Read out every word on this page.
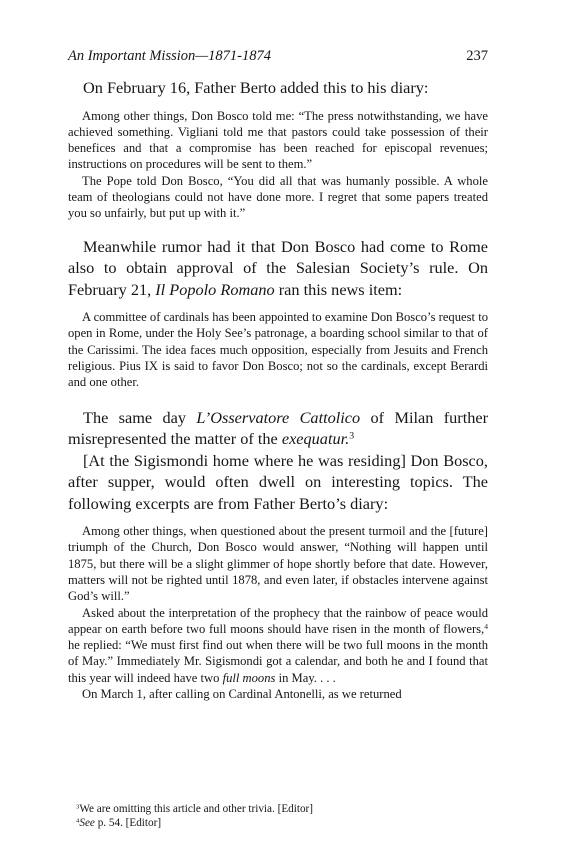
An Important Mission—1871-1874	237

On February 16, Father Berto added this to his diary:

Among other things, Don Bosco told me: “The press notwithstanding, we have achieved something. Vigliani told me that pastors could take possession of their benefices and that a compromise has been reached for episcopal revenues; instructions on procedures will be sent to them.”

The Pope told Don Bosco, “You did all that was humanly possible. A whole team of theologians could not have done more. I regret that some papers treated you so unfairly, but put up with it.”

Meanwhile rumor had it that Don Bosco had come to Rome also to obtain approval of the Salesian Society’s rule. On February 21, Il Popolo Romano ran this news item:

A committee of cardinals has been appointed to examine Don Bosco’s request to open in Rome, under the Holy See’s patronage, a boarding school similar to that of the Carissimi. The idea faces much opposition, especially from Jesuits and French religious. Pius IX is said to favor Don Bosco; not so the cardinals, except Berardi and one other.

The same day L’Osservatore Cattolico of Milan further misrepresented the matter of the exequatur.$^3$

[At the Sigismondi home where he was residing] Don Bosco, after supper, would often dwell on interesting topics. The following excerpts are from Father Berto’s diary:

Among other things, when questioned about the present turmoil and the [future] triumph of the Church, Don Bosco would answer, “Nothing will happen until 1875, but there will be a slight glimmer of hope shortly before that date. However, matters will not be righted until 1878, and even later, if obstacles intervene against God’s will.”

Asked about the interpretation of the prophecy that the rainbow of peace would appear on earth before two full moons should have risen in the month of flowers,$^4$ he replied: “We must first find out when there will be two full moons in the month of May.” Immediately Mr. Sigismondi got a calendar, and both he and I found that this year will indeed have two full moons in May. . . .

On March 1, after calling on Cardinal Antonelli, as we returned

$^3$We are omitting this article and other trivia. [Editor]
$^4$See p. 54. [Editor]
